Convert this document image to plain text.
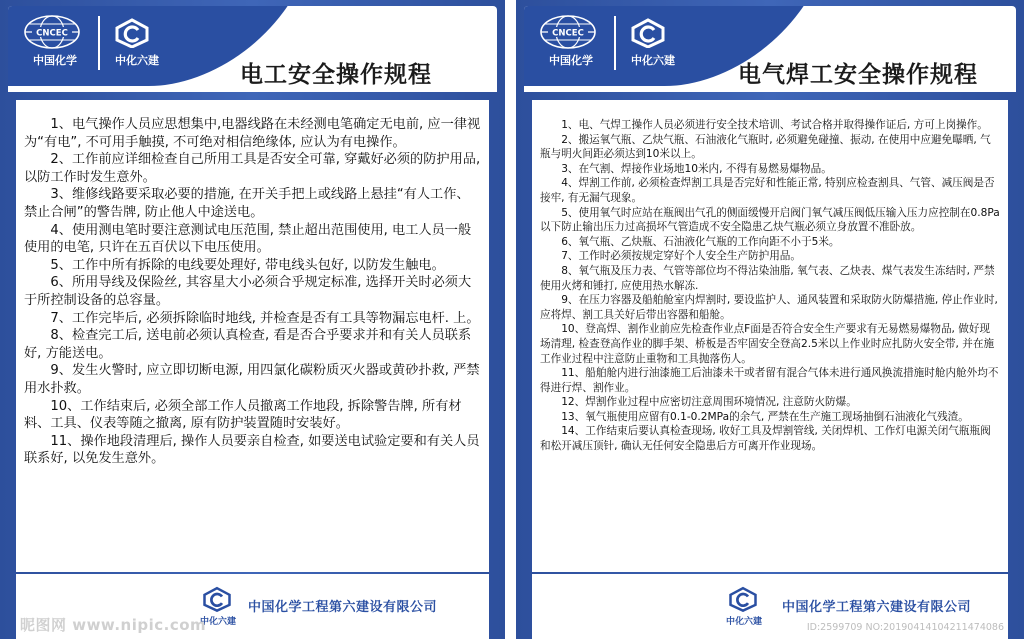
CNCEC
中国化学	中化六建
电工安全操作规程

1、电气操作人员应思想集中,电器线路在未经测电笔确定无电前, 应一律视为“有电”, 不可用手触摸, 不可绝对相信绝缘体, 应认为有电操作。

2、工作前应详细检查自己所用工具是否安全可靠, 穿戴好必须的防护用品, 以防工作时发生意外。

3、维修线路要采取必要的措施, 在开关手把上或线路上悬挂“有人工作、禁止合闸”的警告牌, 防止他人中途送电。

4、使用测电笔时要注意测试电压范围, 禁止超出范围使用, 电工人员一般使用的电笔, 只许在五百伏以下电压使用。

5、工作中所有拆除的电线要处理好, 带电线头包好, 以防发生触电。

6、所用导线及保险丝, 其容星大小必须合乎规定标准, 选择开关时必须大于所控制设备的总容量。

7、工作完毕后, 必须拆除临时地线, 并检查是否有工具等物漏忘电杆. 上。

8、检查完工后, 送电前必须认真检查, 看是否合乎要求并和有关人员联系好, 方能送电。

9、发生火警时, 应立即切断电源, 用四氯化碳粉质灭火器或黄砂扑救, 严禁用水扑救。

10、工作结束后, 必须全部工作人员撤离工作地段, 拆除警告牌, 所有材料、工具、仪表等随之撤离, 原有防护装置随时安装好。

11、操作地段清理后, 操作人员要亲自检查, 如要送电试验定要和有关人员联系好, 以免发生意外。

中化六建
中国化学工程第六建设有限公司
昵图网 www.nipic.com
CNCEC
中国化学	中化六建
电气焊工安全操作规程

1、电、气焊工操作人员必须进行安全技术培训、考试合格并取得操作证后, 方可上岗操作。

2、搬运氧气瓶、乙炔气瓶、石油液化气瓶时, 必须避免碰撞、振动, 在使用中应避免曝晒, 气瓶与明火间距必须达到10米以上。

3、在气割、焊接作业场地10米内, 不得有易燃易爆物品。

4、焊割工作前, 必须检查焊割工具是否完好和性能正常, 特别应检查割具、气管、减压阀是否接牢, 有无漏气现象。

5、使用氧气时应站在瓶阀出气孔的侧面缓慢开启阀门氧气减压阀低压输入压力应控制在0.8Pa以下防止输出压力过高损坏气管造成不安全隐患乙炔气瓶必须立身放置不准卧放。

6、氧气瓶、乙炔瓶、石油液化气瓶的工作向距不小于5米。

7、工作时必须按规定穿好个人安全生产防护用品。

8、氧气瓶及压力表、气管等部位均不得沾染油脂, 氧气表、乙炔表、煤气表发生冻结时, 严禁使用火烤和锤打, 应使用热水解冻.

9、在压力容器及船舶舱室内焊割时, 要设监护人、通风装置和采取防火防爆措施, 停止作业时, 应将焊、割工具关好后带出容器和船舱。

10、登高焊、割作业前应先检查作业点F面是否符合安全生产要求有无易燃易爆物品, 做好现场清理, 检查登高作业的脚手架、桥板是否牢固安全登高2.5米以上作业时应扎防火安全带, 并在施工作业过程中注意防止重物和工具抛落伤人。

11、船舶舱内进行油漆施工后油漆未干或者留有混合气体未进行通风换流措施时舱内舱外均不得进行焊、割作业。

12、焊割作业过程中应密切注意周围环境情况, 注意防火防爆。

13、氧气瓶使用应留有0.1-0.2MPa的余气, 严禁在生产施工现场抽倒石油液化气残渣。

14、工作结束后要认真检查现场, 收好工具及焊割管线, 关闭焊机、工作灯电源关闭气瓶瓶阀和松开减压顶针, 确认无任何安全隐患后方可离开作业现场。

中化六建
中国化学工程第六建设有限公司
ID:2599709 NO:20190414104211474086
